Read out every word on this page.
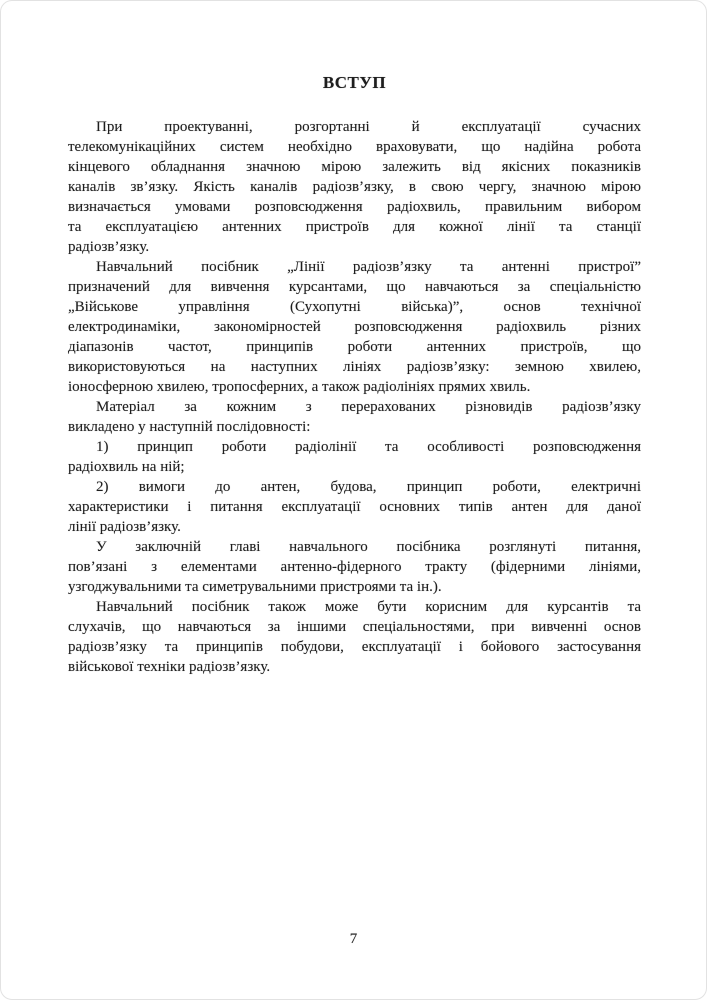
ВСТУП
При проектуванні, розгортанні й експлуатації сучасних
телекомунікаційних систем необхідно враховувати, що надійна робота
кінцевого обладнання значною мірою залежить від якісних показників
каналів зв’язку. Якість каналів радіозв’язку, в свою чергу, значною мірою
визначається умовами розповсюдження радіохвиль, правильним вибором
та експлуатацією антенних пристроїв для кожної лінії та станції
радіозв’язку.
Навчальний посібник „Лінії радіозв’язку та антенні пристрої”
призначений для вивчення курсантами, що навчаються за спеціальністю
„Військове управління (Сухопутні війська)”, основ технічної
електродинаміки, закономірностей розповсюдження радіохвиль різних
діапазонів частот, принципів роботи антенних пристроїв, що
використовуються на наступних лініях радіозв’язку: земною хвилею,
іоносферною хвилею, тропосферних, а також радіолініях прямих хвиль.
Матеріал за кожним з перерахованих різновидів радіозв’язку
викладено у наступній послідовності:
1) принцип роботи радіолінії та особливості розповсюдження
радіохвиль на ній;
2) вимоги до антен, будова, принцип роботи, електричні
характеристики і питання експлуатації основних типів антен для даної
лінії радіозв’язку.
У заключній главі навчального посібника розглянуті питання,
пов’язані з елементами антенно-фідерного тракту (фідерними лініями,
узгоджувальними та симетрувальними пристроями та ін.).
Навчальний посібник також може бути корисним для курсантів та
слухачів, що навчаються за іншими спеціальностями, при вивченні основ
радіозв’язку та принципів побудови, експлуатації і бойового застосування
військової техніки радіозв’язку.
7
